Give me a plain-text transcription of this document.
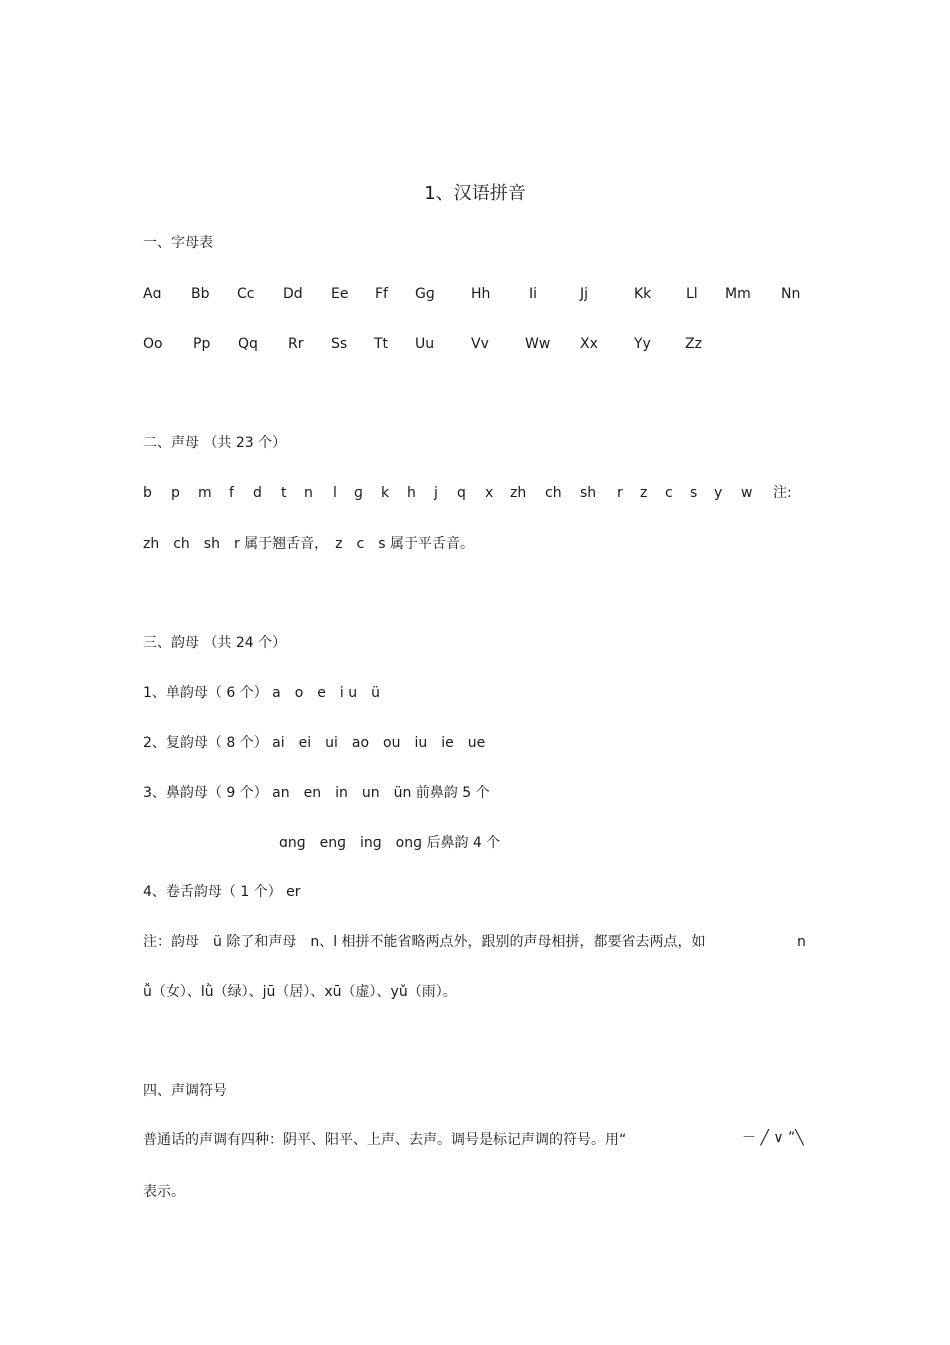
1、汉语拼音
一、字母表
Aɑ Bb Cc Dd Ee Ff Gɡ	Hh	Ii	Jj	Kk Ll Mm Nn
Oo Pp Qq Rr Ss Tt Uu	Vv	Ww Xx	Yy Zz
二、声母 （共 23 个）
b p m f d t n l ɡ k h j q x zh ch sh r z c s y w 注:
zh　ch　sh　r 属于翘舌音，　z　c　s 属于平舌音。
三、韵母 （共 24 个）
1、单韵母（ 6 个） a　o　e　i u　ü
2、复韵母（ 8 个） ai　ei　ui　ao　ou　iu　ie　ue
3、鼻韵母（ 9 个） an　en　in　un　ün 前鼻韵 5 个
ɑnɡ　enɡ　inɡ　onɡ 后鼻韵 4 个
4、卷舌韵母（ 1 个） er
注：韵母　ü 除了和声母　n、l 相拼不能省略两点外，跟别的声母相拼，都要省去两点，如	n
ǚ（女）、lǜ（绿）、jū（居）、xū（虚）、yǔ（雨）。
四、声调符号
普通话的声调有四种：阴平、阳平、上声、去声。调号是标记声调的符号。用“	－ ╱ ∨ ”╲
表示。
